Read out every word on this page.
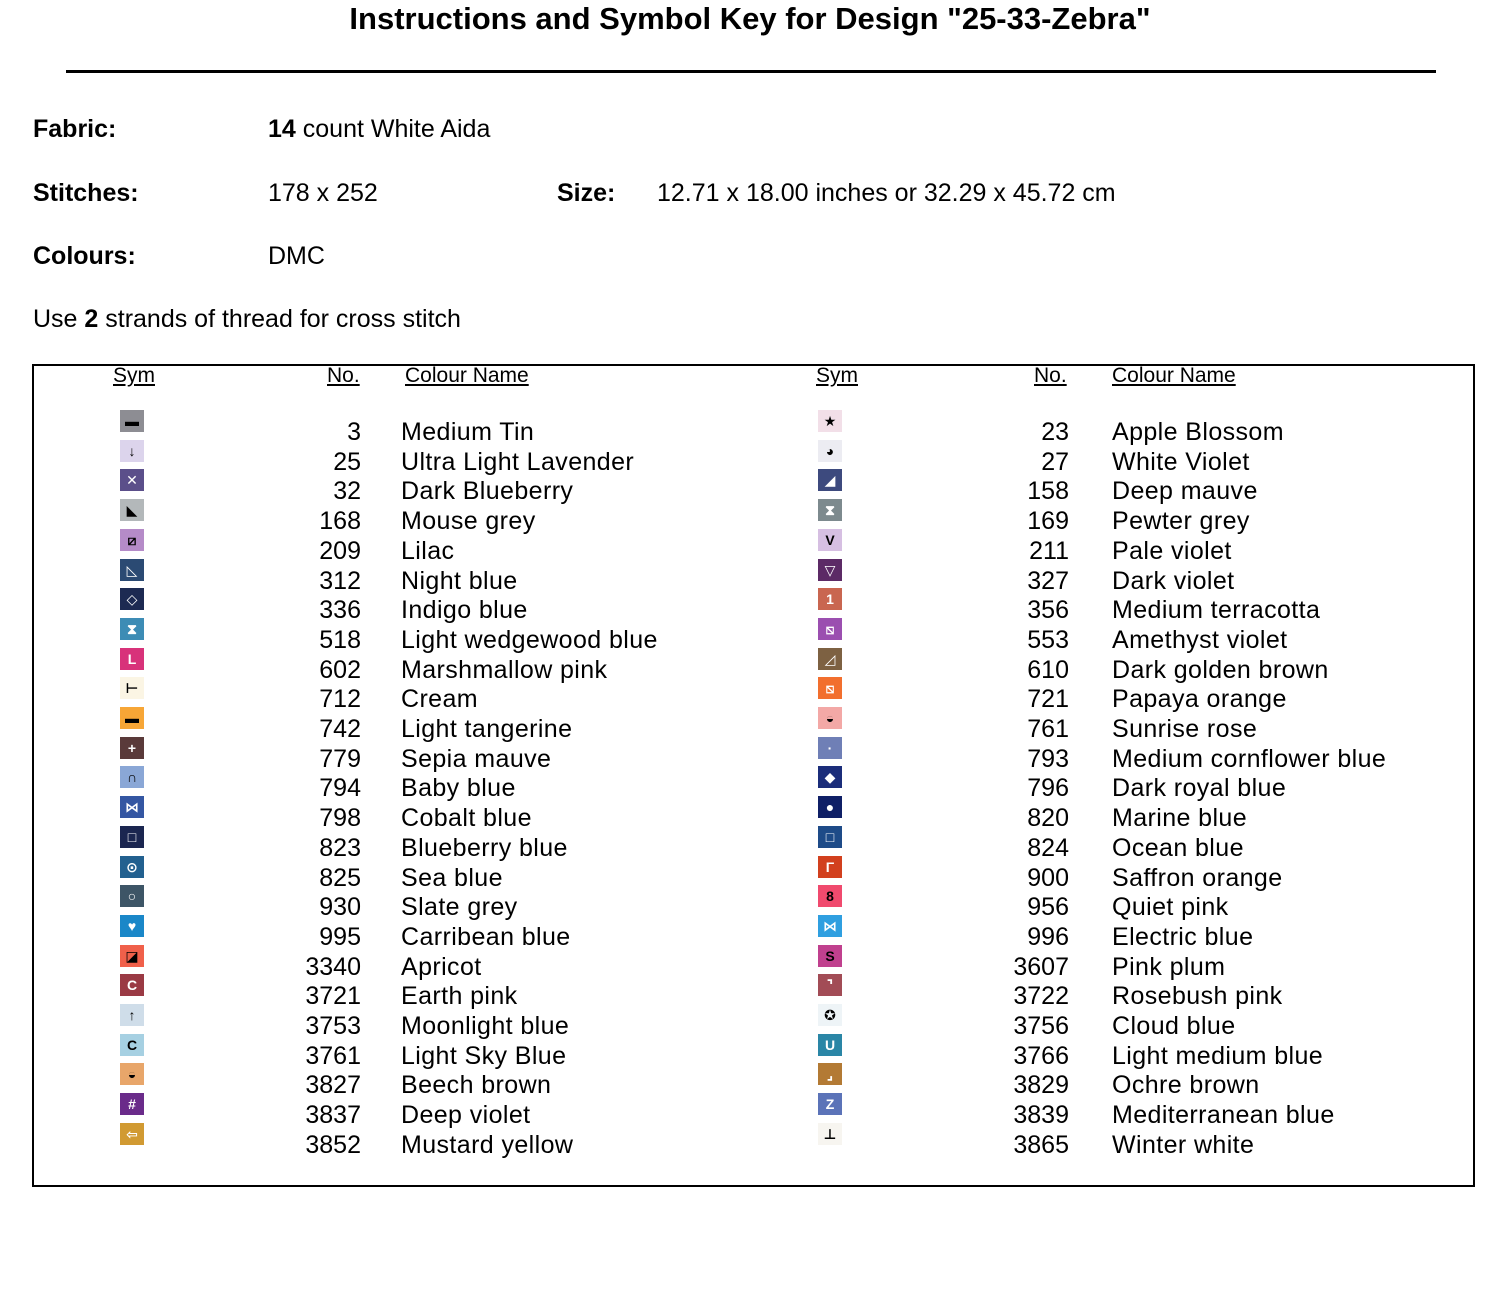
Instructions and Symbol Key for Design "25-33-Zebra"
Fabric:	14 count White Aida
Stitches:	178 x 252	Size: 12.71 x 18.00 inches or 32.29 x 45.72 cm
Colours:	DMC
Use 2 strands of thread for cross stitch
Sym	No. Colour Name	Sym	No. Colour Name
▬	3 Medium Tin
↓	25 Ultra Light Lavender
✕	32 Dark Blueberry
◣	168 Mouse grey
⧄	209 Lilac
◺	312 Night blue
◇	336 Indigo blue
⧗	518 Light wedgewood blue
L	602 Marshmallow pink
⊢	712 Cream
▬	742 Light tangerine
+	779 Sepia mauve
∩	794 Baby blue
⋈	798 Cobalt blue
□	823 Blueberry blue
⊙	825 Sea blue
○	930 Slate grey
♥	995 Carribean blue
◪	3340 Apricot
C	3721 Earth pink
↑	3753 Moonlight blue
C	3761 Light Sky Blue
◒	3827 Beech brown
#	3837 Deep violet
⇦	3852 Mustard yellow
★	23 Apple Blossom
◕	27 White Violet
◢	158 Deep mauve
⧗	169 Pewter grey
V	211 Pale violet
▽	327 Dark violet
1	356 Medium terracotta
⧅	553 Amethyst violet
◿	610 Dark golden brown
⧅	721 Papaya orange
◒	761 Sunrise rose
·	793 Medium cornflower blue
◆	796 Dark royal blue
●	820 Marine blue
□	824 Ocean blue
Γ	900 Saffron orange
8	956 Quiet pink
⋈	996 Electric blue
S	3607 Pink plum
⌝	3722 Rosebush pink
✪	3756 Cloud blue
U	3766 Light medium blue
⌟	3829 Ochre brown
Z	3839 Mediterranean blue
⊥	3865 Winter white
